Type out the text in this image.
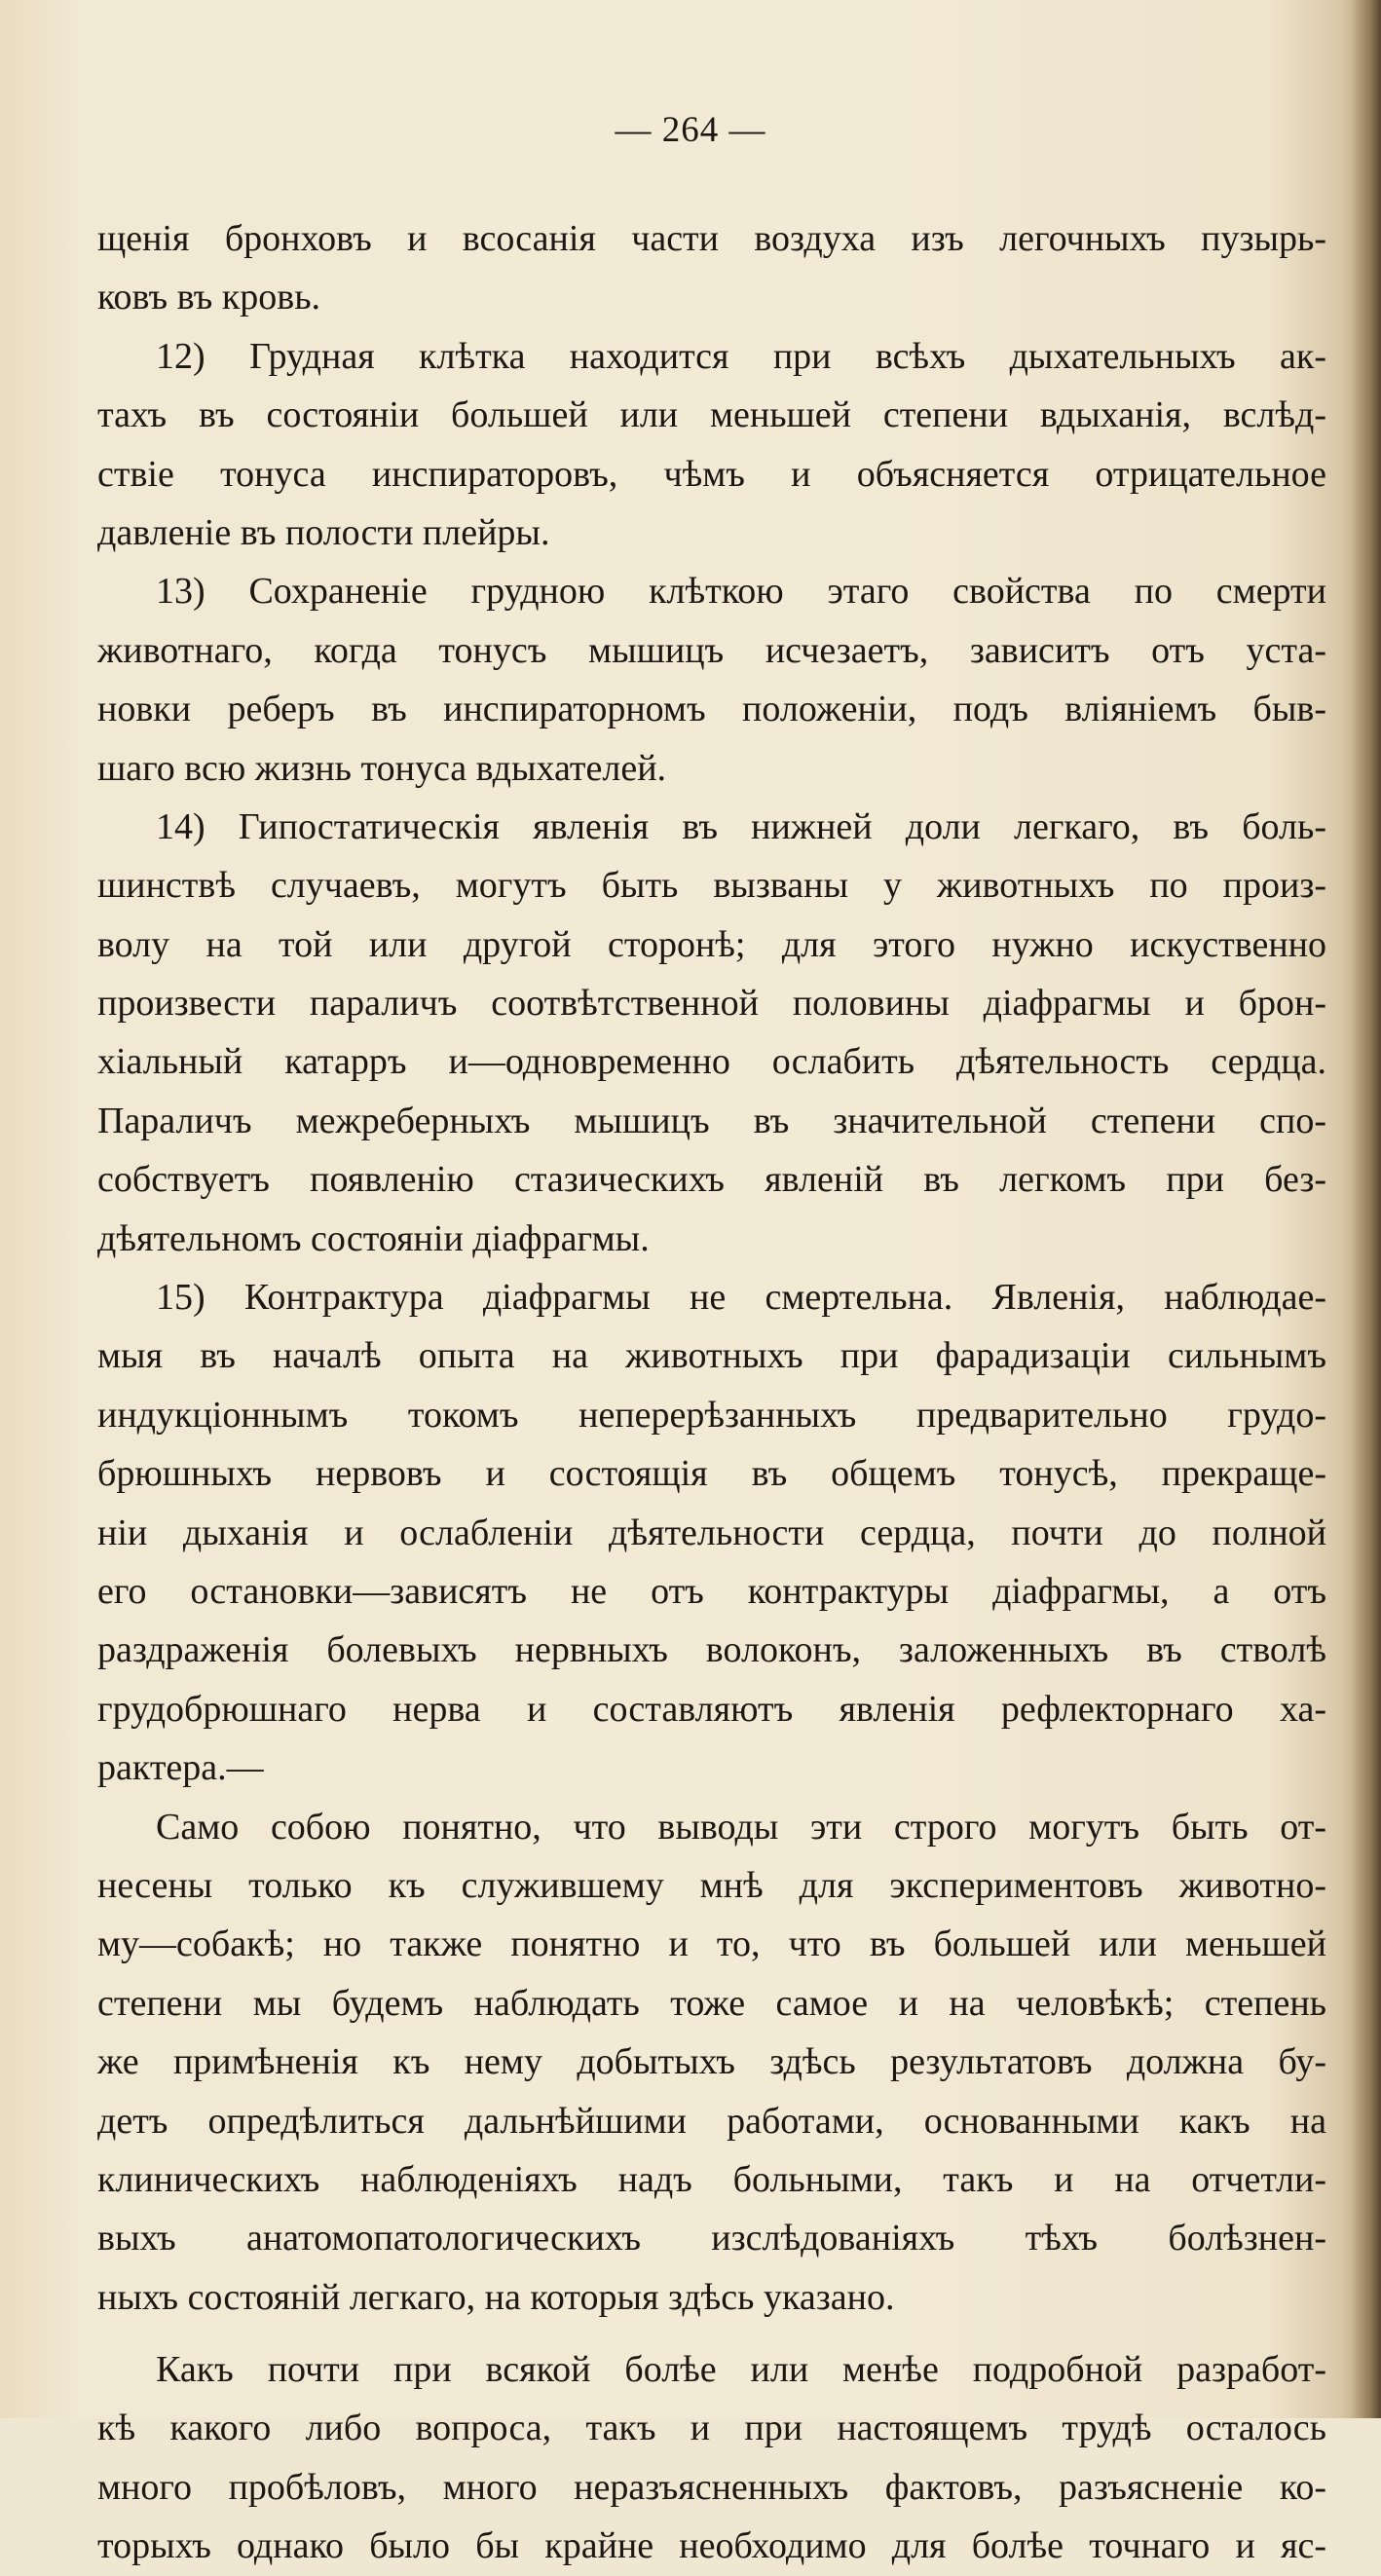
— 264 —
щенія бронховъ и всосанія части воздуха изъ легочныхъ пузырь-
ковъ въ кровь.
12) Грудная клѣтка находится при всѣхъ дыхательныхъ ак-
тахъ въ состояніи большей или меньшей степени вдыханія, вслѣд-
ствіе тонуса инспираторовъ, чѣмъ и объясняется отрицательное
давленіе въ полости плейры.
13) Сохраненіе грудною клѣткою этаго свойства по смерти
животнаго, когда тонусъ мышицъ исчезаетъ, зависитъ отъ уста-
новки реберъ въ инспираторномъ положеніи, подъ вліяніемъ быв-
шаго всю жизнь тонуса вдыхателей.
14) Гипостатическія явленія въ нижней доли легкаго, въ боль-
шинствѣ случаевъ, могутъ быть вызваны у животныхъ по произ-
волу на той или другой сторонѣ; для этого нужно искуственно
произвести параличъ соотвѣтственной половины діафрагмы и брон-
хіальный катарръ и—одновременно ослабить дѣятельность сердца.
Параличъ межреберныхъ мышицъ въ значительной степени спо-
собствуетъ появленію стазическихъ явленій въ легкомъ при без-
дѣятельномъ состояніи діафрагмы.
15) Контрактура діафрагмы не смертельна. Явленія, наблюдае-
мыя въ началѣ опыта на животныхъ при фарадизаціи сильнымъ
индукціоннымъ токомъ неперерѣзанныхъ предварительно грудо-
брюшныхъ нервовъ и состоящія въ общемъ тонусѣ, прекраще-
ніи дыханія и ослабленіи дѣятельности сердца, почти до полной
его остановки—зависятъ не отъ контрактуры діафрагмы, а отъ
раздраженія болевыхъ нервныхъ волоконъ, заложенныхъ въ стволѣ
грудобрюшнаго нерва и составляютъ явленія рефлекторнаго ха-
рактера.—
Само собою понятно, что выводы эти строго могутъ быть от-
несены только къ служившему мнѣ для экспериментовъ животно-
му—собакѣ; но также понятно и то, что въ большей или меньшей
степени мы будемъ наблюдать тоже самое и на человѣкѣ; степень
же примѣненія къ нему добытыхъ здѣсь результатовъ должна бу-
детъ опредѣлиться дальнѣйшими работами, основанными какъ на
клиническихъ наблюденіяхъ надъ больными, такъ и на отчетли-
выхъ анатомопатологическихъ изслѣдованіяхъ тѣхъ болѣзнен-
ныхъ состояній легкаго, на которыя здѣсь указано.
Какъ почти при всякой болѣе или менѣе подробной разработ-
кѣ какого либо вопроса, такъ и при настоящемъ трудѣ осталось
много пробѣловъ, много неразъясненныхъ фактовъ, разъясненіе ко-
торыхъ однако было бы крайне необходимо для болѣе точнаго и яс-
